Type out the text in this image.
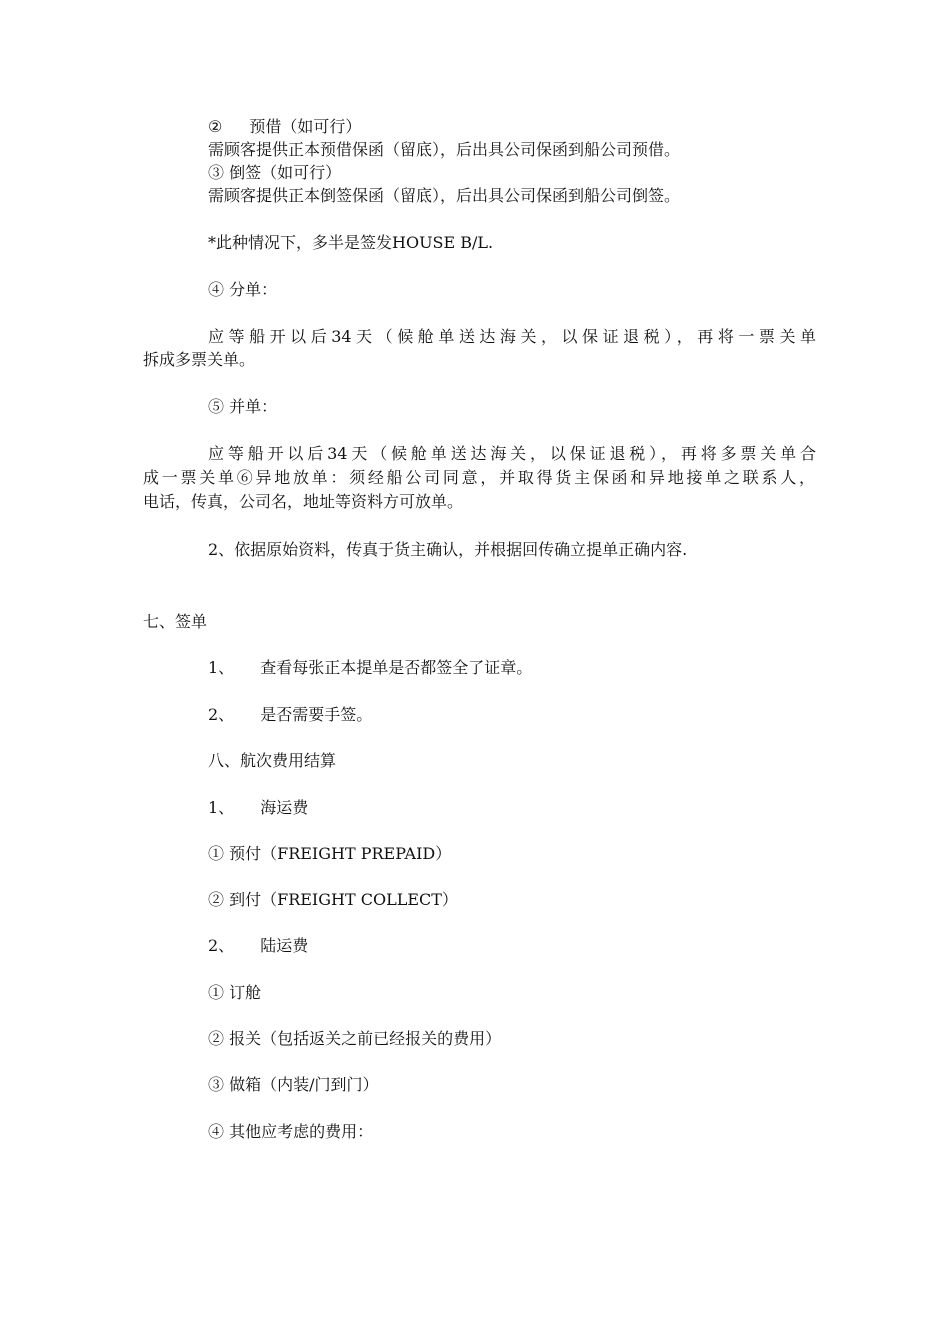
② 预借（如可行）
需顾客提供正本预借保函（留底），后出具公司保函到船公司预借。
③ 倒签（如可行）
需顾客提供正本倒签保函（留底），后出具公司保函到船公司倒签。
*此种情况下，多半是签发HOUSE B/L.
④ 分单：
应等船开以后34天（候舱单送达海关，以保证退税），再将一票关单
拆成多票关单。
⑤ 并单：
应等船开以后34天（候舱单送达海关，以保证退税），再将多票关单合
成一票关单⑥异地放单：须经船公司同意，并取得货主保函和异地接单之联系人，
电话，传真，公司名，地址等资料方可放单。
2、依据原始资料，传真于货主确认，并根据回传确立提单正确内容.
七、签单
1、 查看每张正本提单是否都签全了证章。
2、 是否需要手签。
八、航次费用结算
1、 海运费
① 预付（FREIGHT PREPAID）
② 到付（FREIGHT COLLECT）
2、 陆运费
① 订舱
② 报关（包括返关之前已经报关的费用）
③ 做箱（内装/门到门）
④ 其他应考虑的费用：
